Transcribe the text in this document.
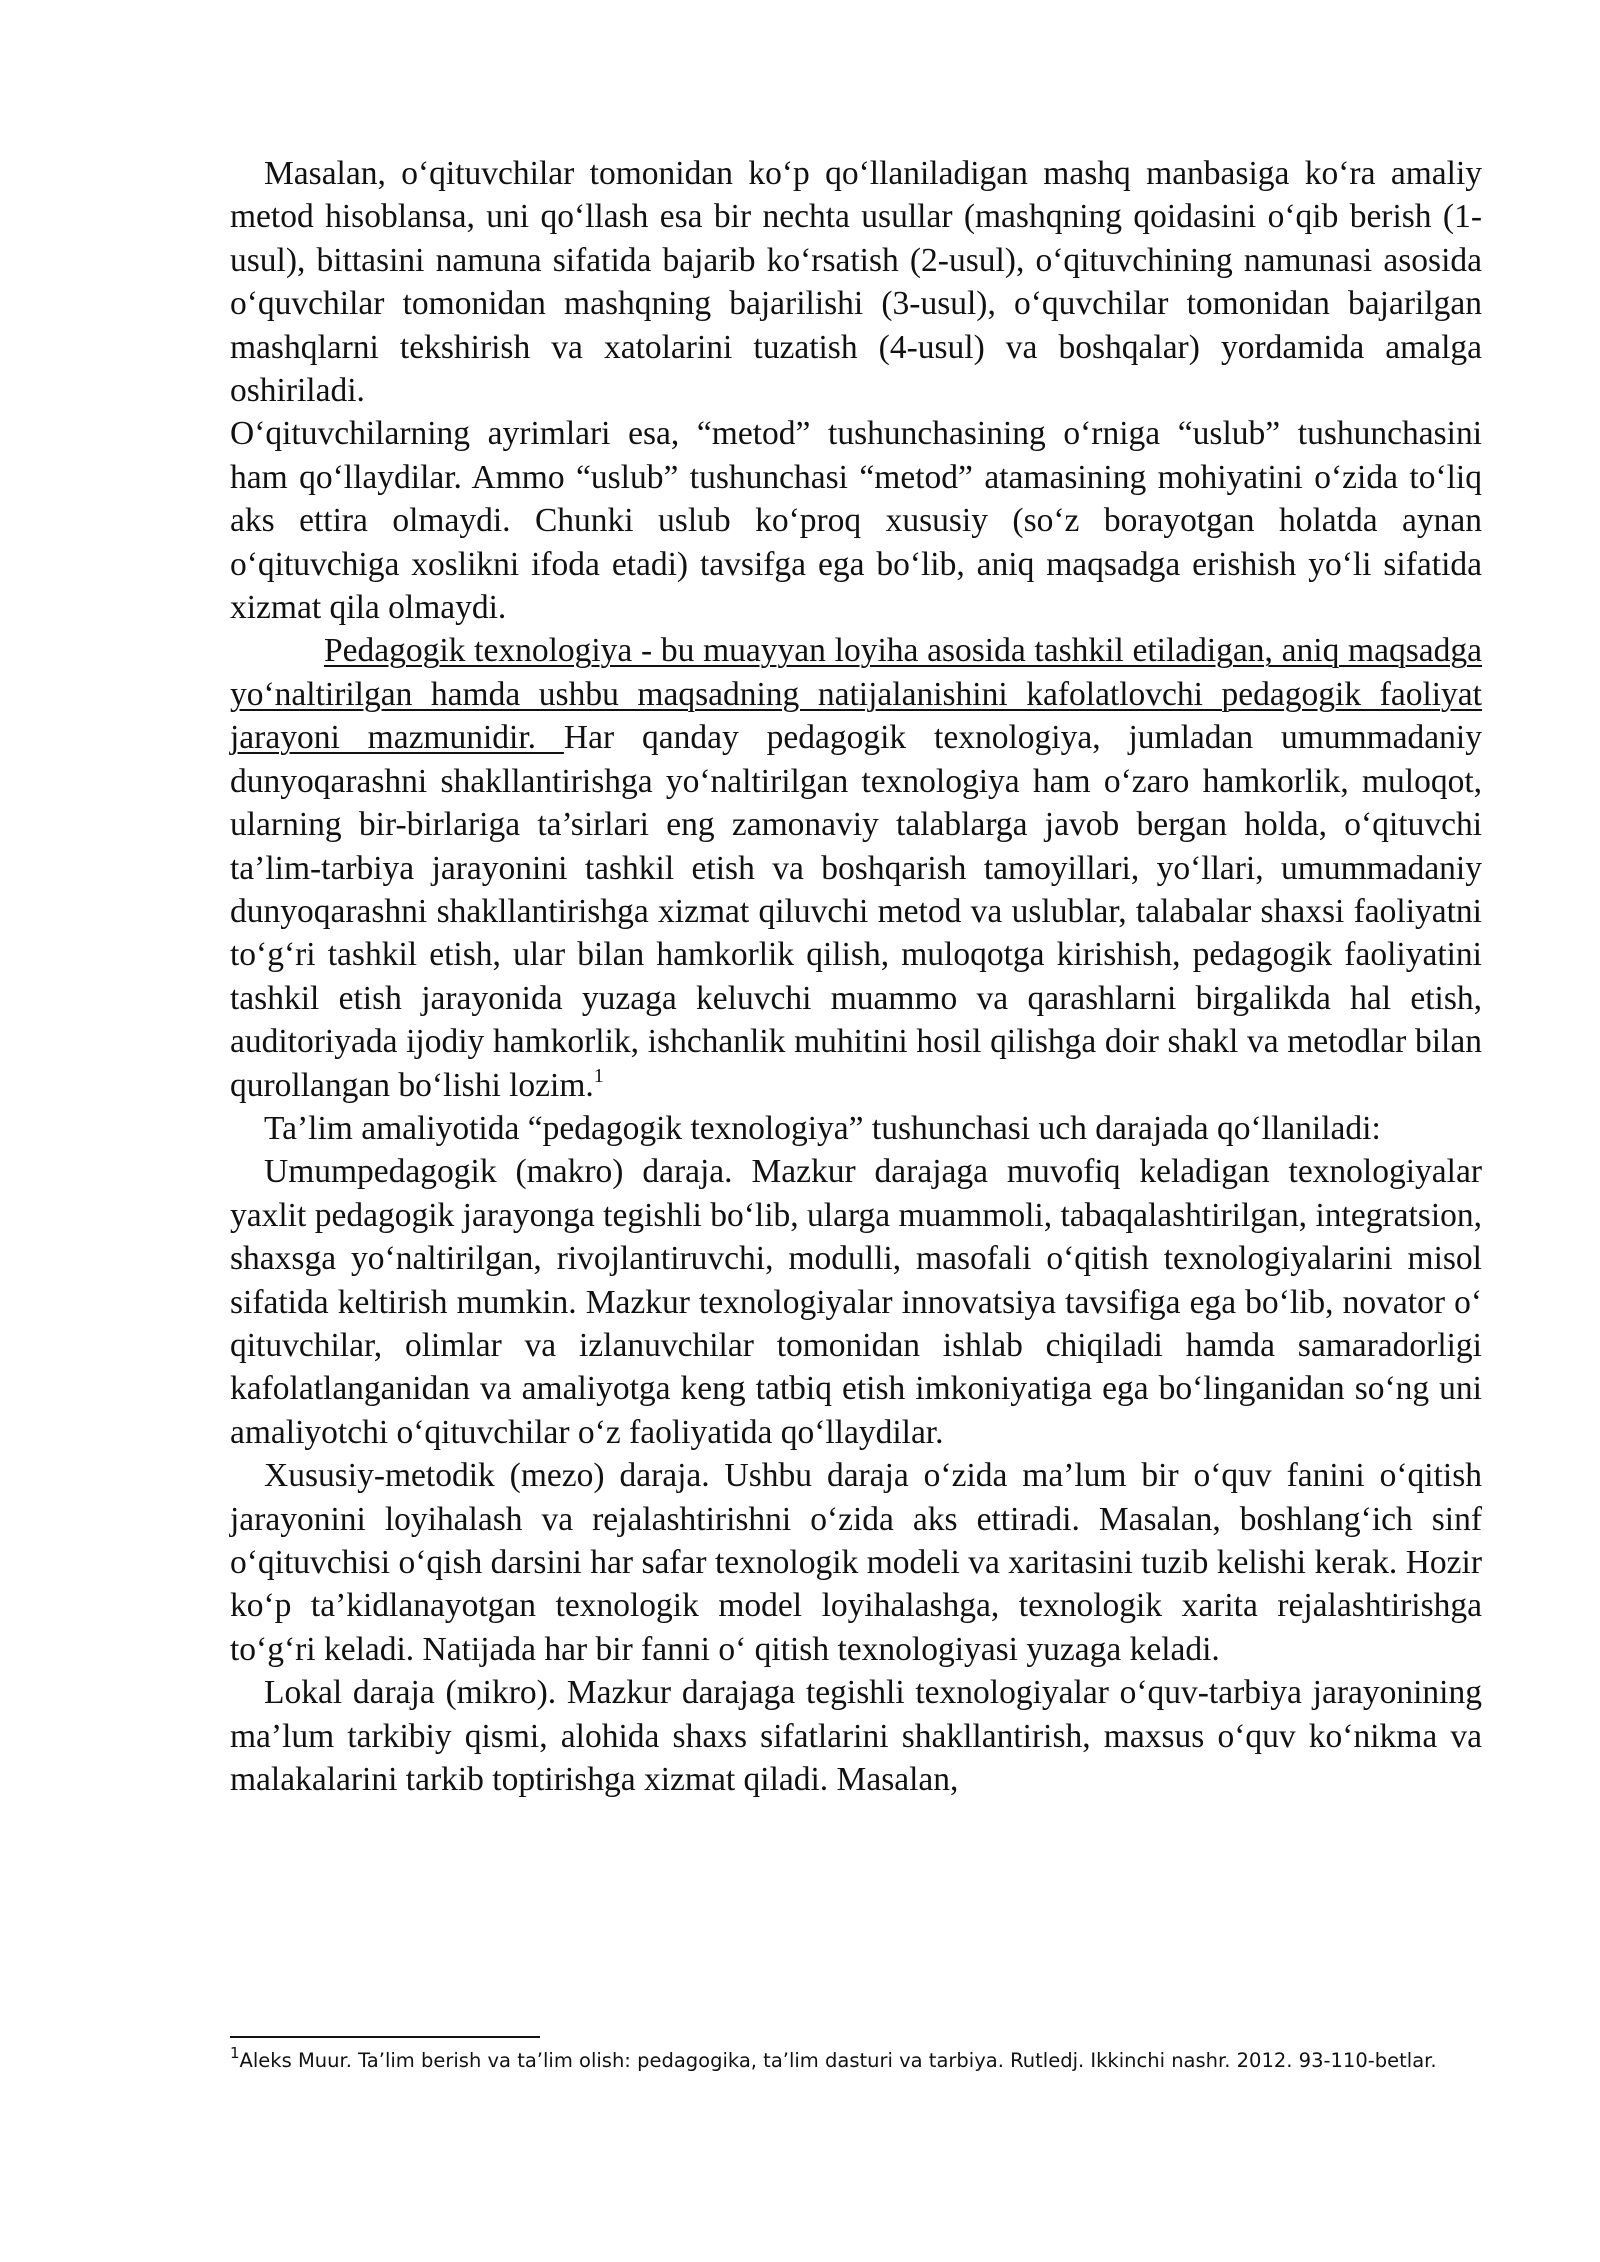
Masalan, o‘qituvchilar tomonidan ko‘p qo‘llaniladigan mashq manbasiga ko‘ra amaliy metod hisoblansa, uni qo‘llash esa bir nechta usullar (mashqning qoidasini o‘qib berish (1-usul), bittasini namuna sifatida bajarib ko‘rsatish (2-usul), o‘qituvchining namunasi asosida o‘quvchilar tomonidan mashqning bajarilishi (3-usul), o‘quvchilar tomonidan bajarilgan mashqlarni tekshirish va xatolarini tuzatish (4-usul) va boshqalar) yordamida amalga oshiriladi.

O‘qituvchilarning ayrimlari esa, “metod” tushunchasining o‘rniga “uslub” tushunchasini ham qo‘llaydilar. Ammo “uslub” tushunchasi “metod” atamasining mohiyatini o‘zida to‘liq aks ettira olmaydi. Chunki uslub ko‘proq xususiy (so‘z borayotgan holatda aynan o‘qituvchiga xoslikni ifoda etadi) tavsifga ega bo‘lib, aniq maqsadga erishish yo‘li sifatida xizmat qila olmaydi.

Pedagogik texnologiya - bu muayyan loyiha asosida tashkil etiladigan, aniq maqsadga yo‘naltirilgan hamda ushbu maqsadning natijalanishini kafolatlovchi pedagogik faoliyat jarayoni mazmunidir. Har qanday pedagogik texnologiya, jumladan umummadaniy dunyoqarashni shakllantirishga yo‘naltirilgan texnologiya ham o‘zaro hamkorlik, muloqot, ularning bir-birlariga ta’sirlari eng zamonaviy talablarga javob bergan holda, o‘qituvchi ta’lim-tarbiya jarayonini tashkil etish va boshqarish tamoyillari, yo‘llari, umummadaniy dunyoqarashni shakllantirishga xizmat qiluvchi metod va uslublar, talabalar shaxsi faoliyatni to‘g‘ri tashkil etish, ular bilan hamkorlik qilish, muloqotga kirishish, pedagogik faoliyatini tashkil etish jarayonida yuzaga keluvchi muammo va qarashlarni birgalikda hal etish, auditoriyada ijodiy hamkorlik, ishchanlik muhitini hosil qilishga doir shakl va metodlar bilan qurollangan bo‘lishi lozim.$^1$

Ta’lim amaliyotida “pedagogik texnologiya” tushunchasi uch darajada qo‘llaniladi:

Umumpedagogik (makro) daraja. Mazkur darajaga muvofiq keladigan texnologiyalar yaxlit pedagogik jarayonga tegishli bo‘lib, ularga muammoli, tabaqalashtirilgan, integratsion, shaxsga yo‘naltirilgan, rivojlantiruvchi, modulli, masofali o‘qitish texnologiyalarini misol sifatida keltirish mumkin. Mazkur texnologiyalar innovatsiya tavsifiga ega bo‘lib, novator o‘ qituvchilar, olimlar va izlanuvchilar tomonidan ishlab chiqiladi hamda samaradorligi kafolatlanganidan va amaliyotga keng tatbiq etish imkoniyatiga ega bo‘linganidan so‘ng uni amaliyotchi o‘qituvchilar o‘z faoliyatida qo‘llaydilar.

Xususiy-metodik (mezo) daraja. Ushbu daraja o‘zida ma’lum bir o‘quv fanini o‘qitish jarayonini loyihalash va rejalashtirishni o‘zida aks ettiradi. Masalan, boshlang‘ich sinf o‘qituvchisi o‘qish darsini har safar texnologik modeli va xaritasini tuzib kelishi kerak. Hozir ko‘p ta’kidlanayotgan texnologik model loyihalashga, texnologik xarita rejalashtirishga to‘g‘ri keladi. Natijada har bir fanni o‘ qitish texnologiyasi yuzaga keladi.

Lokal daraja (mikro). Mazkur darajaga tegishli texnologiyalar o‘quv-tarbiya jarayonining ma’lum tarkibiy qismi, alohida shaxs sifatlarini shakllantirish, maxsus o‘quv ko‘nikma va malakalarini tarkib toptirishga xizmat qiladi. Masalan,

$^1$Aleks Muur. Ta’lim berish va ta’lim olish: pedagogika, ta’lim dasturi va tarbiya. Rutledj. Ikkinchi nashr. 2012. 93-110-betlar.
